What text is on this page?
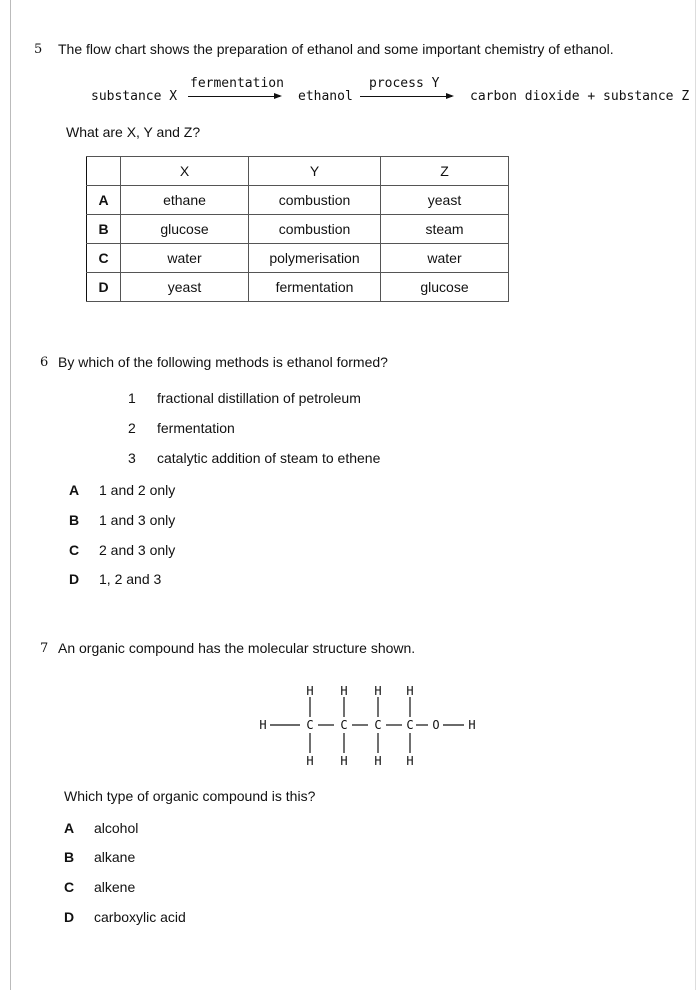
5 The flow chart shows the preparation of ethanol and some important chemistry of ethanol.
substance X
fermentation
ethanol
process Y
carbon dioxide + substance Z
What are X, Y and Z?
	X	Y	Z
A	ethane	combustion	yeast
B	glucose	combustion	steam
C	water	polymerisation	water
D	yeast	fermentation	glucose
6 By which of the following methods is ethanol formed?
1 fractional distillation of petroleum
2 fermentation
3 catalytic addition of steam to ethene
A 1 and 2 only
B 1 and 3 only
C 2 and 3 only
D 1, 2 and 3
7 An organic compound has the molecular structure shown.
H H H H
H	C C C C O H
H H H H
Which type of organic compound is this?
A alcohol
B alkane
C alkene
D carboxylic acid
